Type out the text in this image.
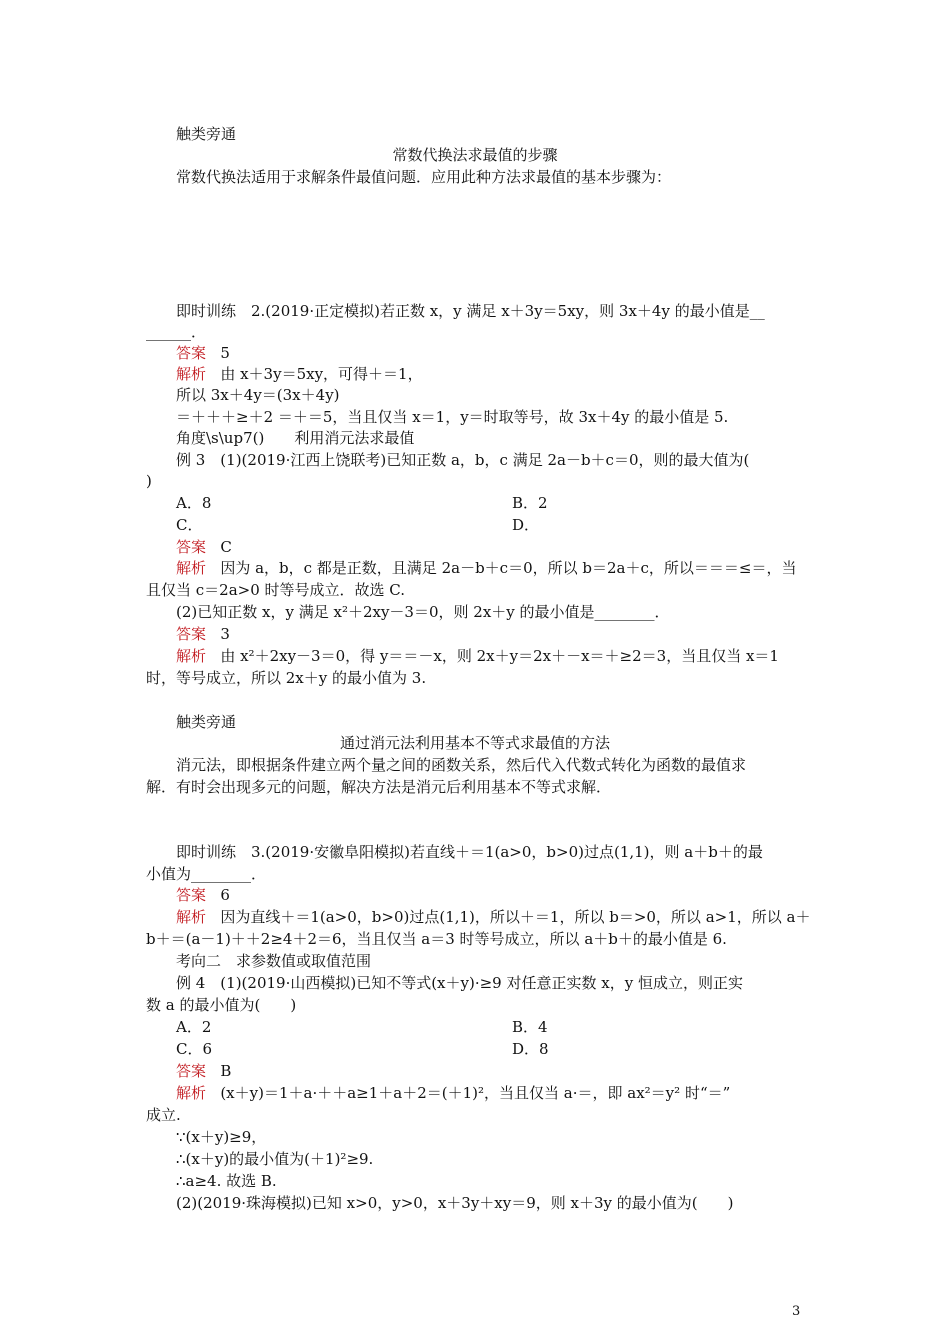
触类旁通
常数代换法求最值的步骤
常数代换法适用于求解条件最值问题．应用此种方法求最值的基本步骤为：
即时训练　2.(2019·正定模拟)若正数 x，y 满足 x＋3y＝5xy，则 3x＋4y 的最小值是__
______．
答案 5
解析 由 x＋3y＝5xy，可得＋＝1，
所以 3x＋4y＝(3x＋4y)
＝＋＋＋≥＋2 ＝＋＝5，当且仅当 x＝1，y＝时取等号，故 3x＋4y 的最小值是 5.
角度\s\up7()　　利用消元法求最值
例 3　(1)(2019·江西上饶联考)已知正数 a，b，c 满足 2a－b＋c＝0，则的最大值为(
)
A．8	B．2
C．	D．
答案 C
解析 因为 a，b，c 都是正数，且满足 2a－b＋c＝0，所以 b＝2a＋c，所以＝＝＝≤＝，当
且仅当 c＝2a>0 时等号成立．故选 C.
(2)已知正数 x，y 满足 x²＋2xy－3＝0，则 2x＋y 的最小值是________．
答案 3
解析 由 x²＋2xy－3＝0，得 y＝＝－x，则 2x＋y＝2x＋－x＝＋≥2＝3，当且仅当 x＝1
时，等号成立，所以 2x＋y 的最小值为 3.
触类旁通
通过消元法利用基本不等式求最值的方法
消元法，即根据条件建立两个量之间的函数关系，然后代入代数式转化为函数的最值求
解．有时会出现多元的问题，解决方法是消元后利用基本不等式求解．
即时训练　3.(2019·安徽阜阳模拟)若直线＋＝1(a>0，b>0)过点(1,1)，则 a＋b＋的最
小值为________．
答案 6
解析 因为直线＋＝1(a>0，b>0)过点(1,1)，所以＋＝1，所以 b＝>0，所以 a>1，所以 a＋
b＋＝(a－1)＋＋2≥4＋2＝6，当且仅当 a＝3 时等号成立，所以 a＋b＋的最小值是 6.
考向二　求参数值或取值范围
例 4　(1)(2019·山西模拟)已知不等式(x＋y)·≥9 对任意正实数 x，y 恒成立，则正实
数 a 的最小值为(　　)
A．2	B．4
C．6	D．8
答案 B
解析 (x＋y)＝1＋a·＋＋a≥1＋a＋2＝(＋1)²，当且仅当 a·＝，即 ax²＝y² 时“＝”
成立.
∵(x＋y)≥9，
∴(x＋y)的最小值为(＋1)²≥9.
∴a≥4. 故选 B.
(2)(2019·珠海模拟)已知 x>0，y>0，x＋3y＋xy＝9，则 x＋3y 的最小值为(　　)
3
